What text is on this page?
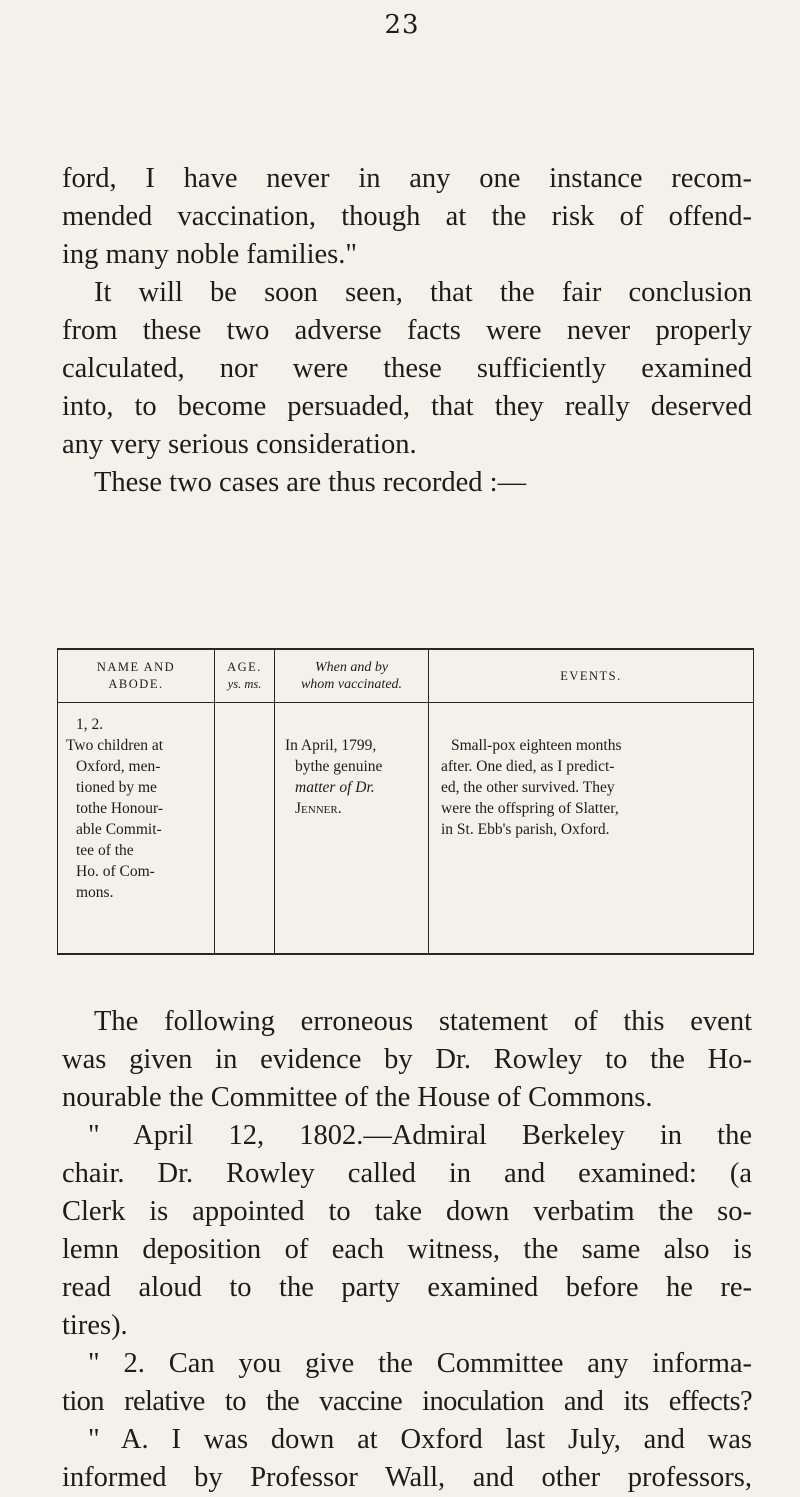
23

ford, I have never in any one instance recom-
mended vaccination, though at the risk of offend-
ing many noble families."

It will be soon seen, that the fair conclusion
from these two adverse facts were never properly
calculated, nor were these sufficiently examined
into, to become persuaded, that they really deserved
any very serious consideration.

These two cases are thus recorded :—

NAME AND
ABODE.
1, 2.
Two children at
Oxford, men-
tioned by me
tothe Honour-
able Commit-
tee of the
Ho. of Com-
mons.
AGE.
ys. ms.
When and by
whom vaccinated.
In April, 1799,
bythe genuine
matter of Dr.
Jenner.
EVENTS.
Small-pox eighteen months
after. One died, as I predict-
ed, the other survived. They
were the offspring of Slatter,
in St. Ebb's parish, Oxford.

The following erroneous statement of this event
was given in evidence by Dr. Rowley to the Ho-
nourable the Committee of the House of Commons.

" April 12, 1802.—Admiral Berkeley in the
chair. Dr. Rowley called in and examined: (a
Clerk is appointed to take down verbatim the so-
lemn deposition of each witness, the same also is
read aloud to the party examined before he re-
tires).

" 2. Can you give the Committee any informa-
tion relative to the vaccine inoculation and its effects?

" A. I was down at Oxford last July, and was
informed by Professor Wall, and other professors,
